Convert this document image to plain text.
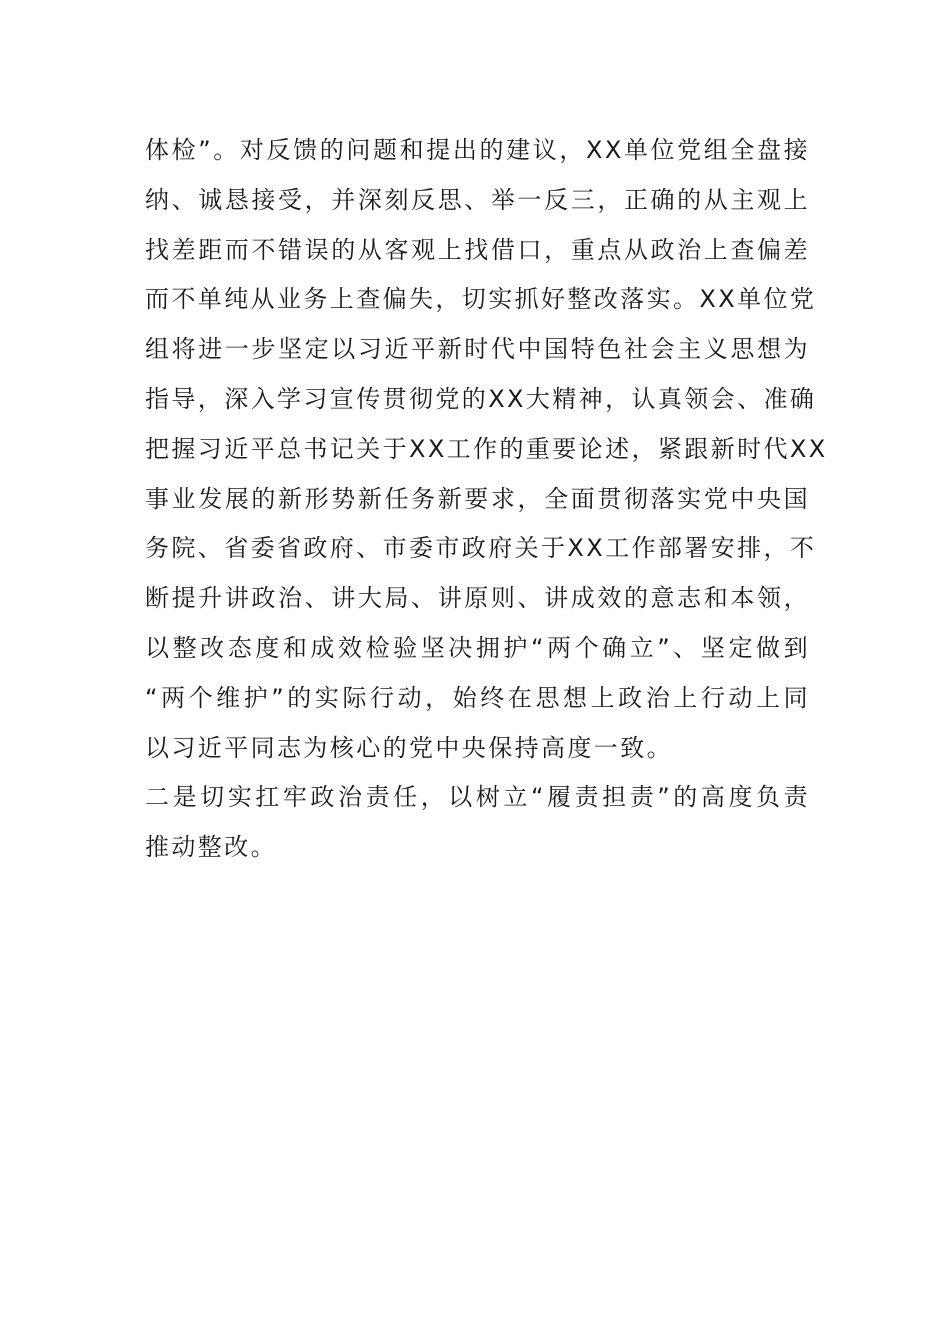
体检”。对反馈的问题和提出的建议，XX单位党组全盘接
纳、诚恳接受，并深刻反思、举一反三，正确的从主观上
找差距而不错误的从客观上找借口，重点从政治上查偏差
而不单纯从业务上查偏失，切实抓好整改落实。XX单位党
组将进一步坚定以习近平新时代中国特色社会主义思想为
指导，深入学习宣传贯彻党的XX大精神，认真领会、准确
把握习近平总书记关于XX工作的重要论述，紧跟新时代XX
事业发展的新形势新任务新要求，全面贯彻落实党中央国
务院、省委省政府、市委市政府关于XX工作部署安排，不
断提升讲政治、讲大局、讲原则、讲成效的意志和本领，
以整改态度和成效检验坚决拥护“两个确立”、坚定做到
“两个维护”的实际行动，始终在思想上政治上行动上同
以习近平同志为核心的党中央保持高度一致。
二是切实扛牢政治责任，以树立“履责担责”的高度负责
推动整改。
